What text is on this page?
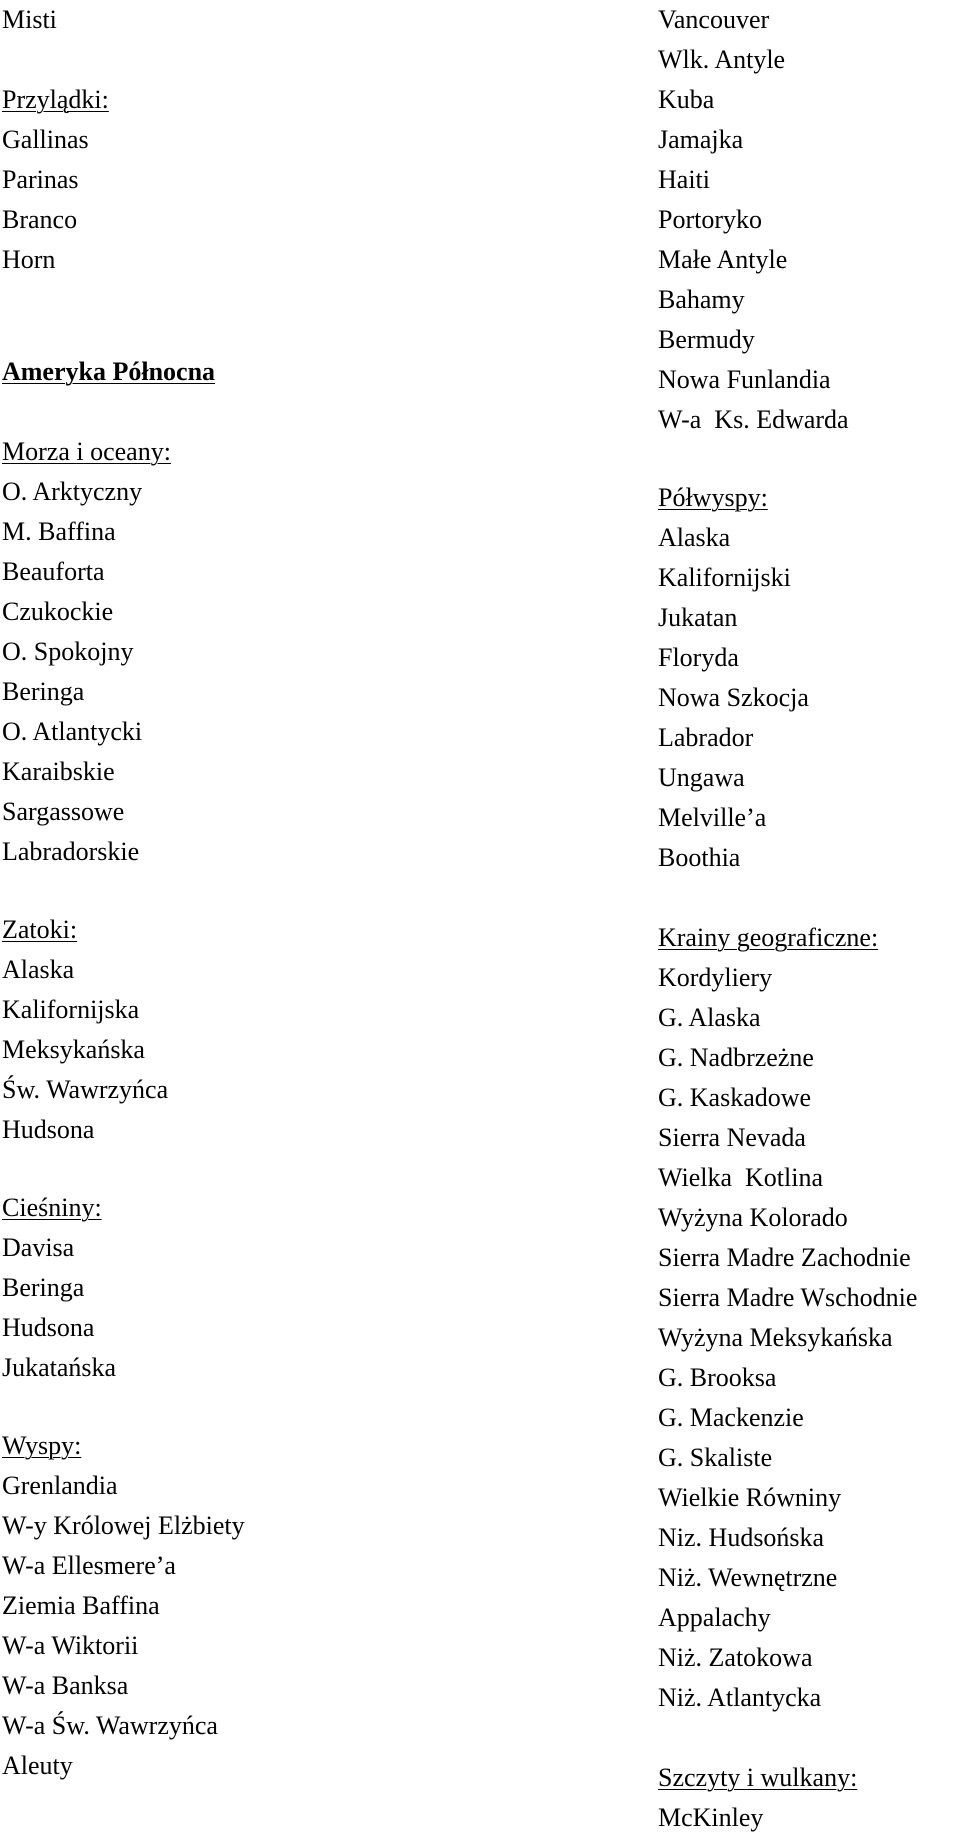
Misti
Przylądki:
Gallinas
Parinas
Branco
Horn
Ameryka Północna
Morza i oceany:
O. Arktyczny
M. Baffina
Beauforta
Czukockie
O. Spokojny
Beringa
O. Atlantycki
Karaibskie
Sargassowe
Labradorskie
Zatoki:
Alaska
Kalifornijska
Meksykańska
Św. Wawrzyńca
Hudsona
Cieśniny:
Davisa
Beringa
Hudsona
Jukatańska
Wyspy:
Grenlandia
W-y Królowej Elżbiety
W-a Ellesmere’a
Ziemia Baffina
W-a Wiktorii
W-a Banksa
W-a Św. Wawrzyńca
Aleuty
Vancouver
Wlk. Antyle
Kuba
Jamajka
Haiti
Portoryko
Małe Antyle
Bahamy
Bermudy
Nowa Funlandia
W-a  Ks. Edwarda
Półwyspy:
Alaska
Kalifornijski
Jukatan
Floryda
Nowa Szkocja
Labrador
Ungawa
Melville’a
Boothia
Krainy geograficzne:
Kordyliery
G. Alaska
G. Nadbrzeżne
G. Kaskadowe
Sierra Nevada
Wielka  Kotlina
Wyżyna Kolorado
Sierra Madre Zachodnie
Sierra Madre Wschodnie
Wyżyna Meksykańska
G. Brooksa
G. Mackenzie
G. Skaliste
Wielkie Równiny
Niz. Hudsońska
Niż. Wewnętrzne
Appalachy
Niż. Zatokowa
Niż. Atlantycka
Szczyty i wulkany:
McKinley
